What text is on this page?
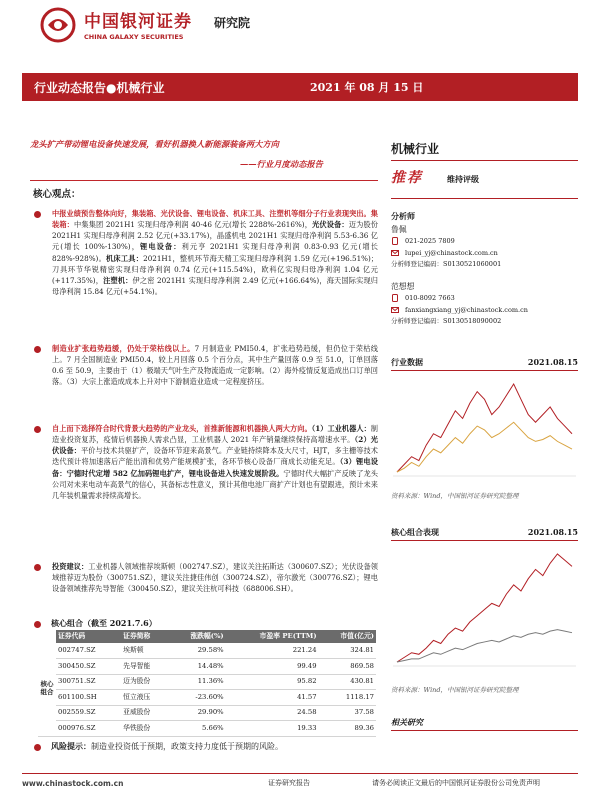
中国银河证券
CHINA GALAXY SECURITIES
研究院
行业动态报告●机械行业	2021 年 08 月 15 日
龙头扩产带动锂电设备快速发展，看好机器换人新能源装备两大方向
——行业月度动态报告
核心观点：
中报业绩预告整体向好，集装箱、光伏设备、锂电设备、机床工具、注塑机等细分子行业表现突出。集装箱：中集集团 2021H1 实现归母净利润 40-46 亿元(增长 2288%-2616%)，光伏设备：迈为股份 2021H1 实现归母净利润 2.52 亿元(+33.17%)，晶盛机电 2021H1 实现归母净利润 5.53-6.36 亿元(增长 100%-130%)，锂电设备：利元亨 2021H1 实现归母净利润 0.83-0.93 亿元(增长 828%-928%)。机床工具：2021H1，整机环节海天精工实现归母净利润 1.59 亿元(+196.51%)；刀具环节华锐精密实现归母净利润 0.74 亿元(+115.54%)，欧科亿实现归母净利润 1.04 亿元(+117.35%)，注塑机：伊之密 2021H1 实现归母净利润 2.49 亿元(+166.64%)，海天国际实现归母净利润 15.84 亿元(+54.1%)。
制造业扩张趋势趋缓，仍处于荣枯线以上。7 月制造业 PMI50.4，扩张趋势趋缓，但仍位于荣枯线上。7 月全国制造业 PMI50.4，较上月回落 0.5 个百分点，其中生产量回落 0.9 至 51.0，订单回落 0.6 至 50.9，主要由于（1）极端天气叶生产及物流造成一定影响。（2）海外疫情反复造成出口订单回落。（3）大宗上涨造成成本上升对中下游制造业造成一定程度挤压。
自上而下选择符合时代背景大趋势的产业龙头，首推新能源和机器换人两大方向。（1）工业机器人：制造业投资复苏，疫情后机器换人需求凸显，工业机器人 2021 年产销量继续保持高增速水平。（2）光伏设备：平价与技术共驱扩产，设备环节迎来高景气。产业链持续降本及大尺寸，HJT，多主栅等技术迭代预计将加速落后产能出清和优势产能规模扩张，各环节核心设备厂商成长动能充足。（3）锂电设备：宁德时代定增 582 亿加码锂电扩产，锂电设备进入快速发展阶段。宁德时代大幅扩产反映了龙头公司对未来电动车高景气的信心，其备标志性意义，预计其他电池厂商扩产计划也有望跟进，预计未来几年装机量需求持续高增长。
投资建议：工业机器人领域推荐埃斯顿（002747.SZ），建议关注拓斯达（300607.SZ）；光伏设备领域推荐迈为股份（300751.SZ），建议关注捷佳伟创（300724.SZ），帝尔激光（300776.SZ）；锂电设备领域推荐先导智能（300450.SZ），建议关注杭可科技（688006.SH）。
核心组合（截至 2021.7.6）
	证券代码	证券简称	涨跌幅(%)	市盈率 PE(TTM)	市值(亿元)
核心组合	002747.SZ	埃斯顿	29.58%	221.24	324.81
	300450.SZ	先导智能	14.48%	99.49	869.58
	300751.SZ	迈为股份	11.36%	95.82	430.81
	601100.SH	恒立液压	-23.60%	41.57	1118.17
	002559.SZ	亚威股份	29.90%	24.58	37.58
	000976.SZ	华铁股份	5.66%	19.33	89.36
风险提示：制造业投资低于预期，政策支持力度低于预期的风险。
www.chinastock.com.cn	证券研究报告	请务必阅读正文最后的中国银河证券股份公司免责声明
机械行业
推荐	维持评级
分析师
鲁佩
021-2025 7809
lupei_yj@chinastock.com.cn
分析师登记编码：S0130521060001
范想想
010-8092 7663
fanxiangxiang_yj@chinastock.com.cn
分析师登记编码：S0130518090002
行业数据	2021.08.15
资料来源：Wind，中国银河证券研究院整理
核心组合表现	2021.08.15
资料来源：Wind，中国银河证券研究院整理
相关研究
